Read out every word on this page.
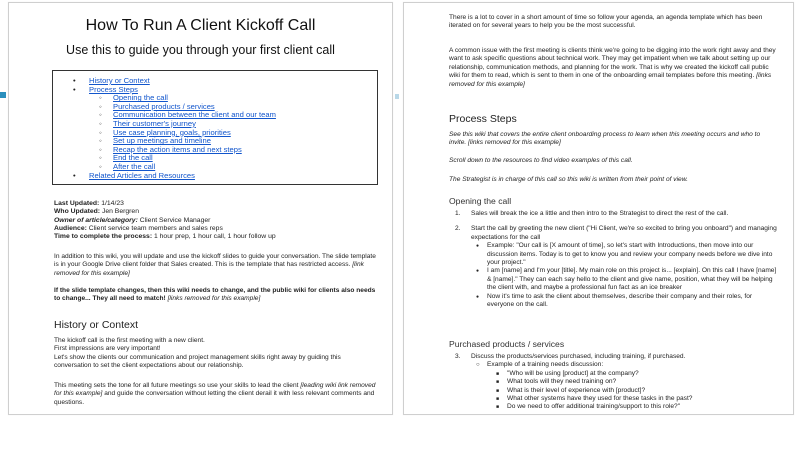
How To Run A Client Kickoff Call
Use this to guide you through your first client call
• History or Context
• Process Steps
◦ Opening the call
◦ Purchased products / services
◦ Communication between the client and our team
◦ Their customer's journey
◦ Use case planning, goals, priorities
◦ Set up meetings and timeline
◦ Recap the action items and next steps
◦ End the call
◦ After the call
• Related Articles and Resources
Last Updated: 1/14/23
Who Updated: Jen Bergren
Owner of article/category: Client Service Manager
Audience: Client service team members and sales reps
Time to complete the process: 1 hour prep, 1 hour call, 1 hour follow up

In addition to this wiki, you will update and use the kickoff slides to guide your conversation. The slide template is in your Google Drive client folder that Sales created. This is the template that has restricted access. [link removed for this example]

If the slide template changes, then this wiki needs to change, and the public wiki for clients also needs to change... They all need to match! [links removed for this example]

History or Context

The kickoff call is the first meeting with a new client.

First impressions are very important!

Let's show the clients our communication and project management skills right away by guiding this conversation to set the client expectations about our relationship.

This meeting sets the tone for all future meetings so use your skills to lead the client [leading wiki link removed for this example] and guide the conversation without letting the client derail it with less relevant comments and questions.

There is a lot to cover in a short amount of time so follow your agenda, an agenda template which has been iterated on for several years to help you be the most successful.

A common issue with the first meeting is clients think we're going to be digging into the work right away and they want to ask specific questions about technical work. They may get impatient when we talk about setting up our relationship, communication methods, and planning for the work. That is why we created the kickoff call public wiki for them to read, which is sent to them in one of the onboarding email templates before this meeting. [links removed for this example]

Process Steps
See this wiki that covers the entire client onboarding process to learn when this meeting occurs and who to invite. [links removed for this example]
Scroll down to the resources to find video examples of this call.
The Strategist is in charge of this call so this wiki is written from their point of view.
Opening the call
1. Sales will break the ice a little and then intro to the Strategist to direct the rest of the call.
2. Start the call by greeting the new client ("Hi Client, we're so excited to bring you onboard") and managing expectations for the call
● Example: "Our call is [X amount of time], so let's start with Introductions, then move into our discussion items. Today is to get to know you and review your company needs before we dive into your project."
● I am [name] and I'm your [title]. My main role on this project is... [explain]. On this call I have [name] & [name]." They can each say hello to the client and give name, position, what they will be helping the client with, and maybe a professional fun fact as an ice breaker
● Now it's time to ask the client about themselves, describe their company and their roles, for everyone on the call.
Purchased products / services
3. Discuss the products/services purchased, including training, if purchased.
○ Example of a training needs discussion:
■ "Who will be using [product] at the company?
■ What tools will they need training on?
■ What is their level of experience with [product]?
■ What other systems have they used for these tasks in the past?
■ Do we need to offer additional training/support to this role?"
